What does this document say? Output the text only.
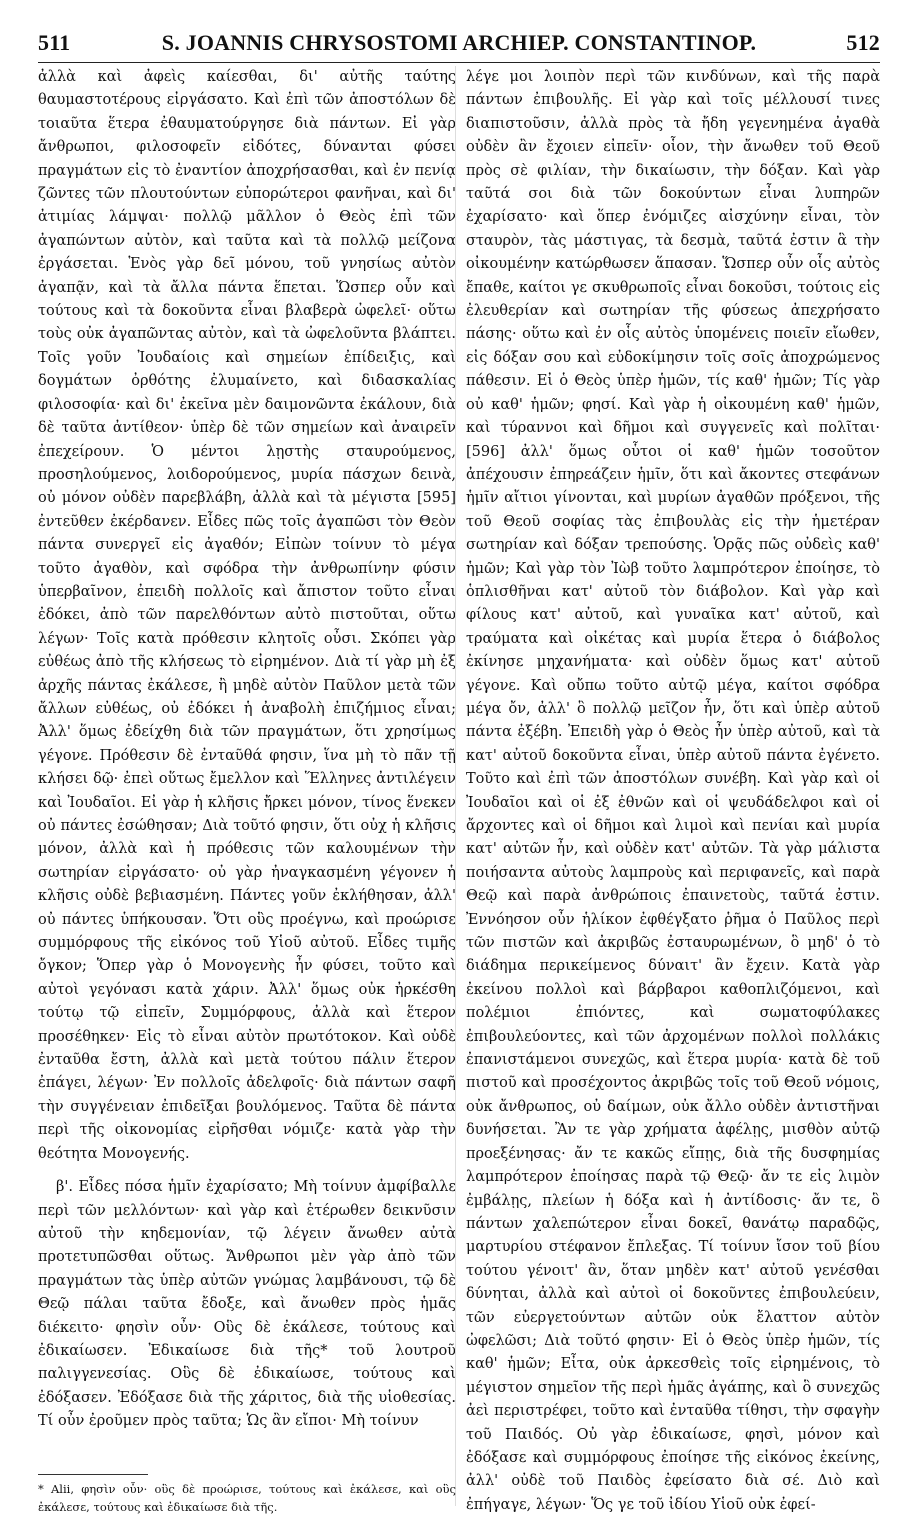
511	S. JOANNIS CHRYSOSTOMI ARCHIEP. CONSTANTINOP.	512

ἀλλὰ καὶ ἀφεὶς καίεσθαι, δι' αὐτῆς ταύτης θαυμαστοτέρους εἰργάσατο. Καὶ ἐπὶ τῶν ἀποστόλων δὲ τοιαῦτα ἕτερα ἐθαυματούργησε διὰ πάντων. Εἰ γὰρ ἄνθρωποι, φιλοσοφεῖν εἰδότες, δύνανται φύσει πραγμάτων εἰς τὸ ἐναντίον ἀποχρήσασθαι, καὶ ἐν πενίᾳ ζῶντες τῶν πλουτούντων εὐπορώτεροι φανῆναι, καὶ δι' ἀτιμίας λάμψαι· πολλῷ μᾶλλον ὁ Θεὸς ἐπὶ τῶν ἀγαπώντων αὐτὸν, καὶ ταῦτα καὶ τὰ πολλῷ μείζονα ἐργάσεται. Ἑνὸς γὰρ δεῖ μόνου, τοῦ γνησίως αὐτὸν ἀγαπᾷν, καὶ τὰ ἄλλα πάντα ἕπεται. Ὥσπερ οὖν καὶ τούτους καὶ τὰ δοκοῦντα εἶναι βλαβερὰ ὠφελεῖ· οὕτω τοὺς οὐκ ἀγαπῶντας αὐτὸν, καὶ τὰ ὠφελοῦντα βλάπτει. Τοῖς γοῦν Ἰουδαίοις καὶ σημείων ἐπίδειξις, καὶ δογμάτων ὀρθότης ἐλυμαίνετο, καὶ διδασκαλίας φιλοσοφία· καὶ δι' ἐκεῖνα μὲν δαιμονῶντα ἐκάλουν, διὰ δὲ ταῦτα ἀντίθεον· ὑπὲρ δὲ τῶν σημείων καὶ ἀναιρεῖν ἐπεχείρουν. Ὁ μέντοι λῃστὴς σταυρούμενος, προσηλούμενος, λοιδορούμενος, μυρία πάσχων δεινὰ, οὐ μόνον οὐδὲν παρεβλάβη, ἀλλὰ καὶ τὰ μέγιστα [595] ἐντεῦθεν ἐκέρδανεν. Εἶδες πῶς τοῖς ἀγαπῶσι τὸν Θεὸν πάντα συνεργεῖ εἰς ἀγαθόν; Εἰπὼν τοίνυν τὸ μέγα τοῦτο ἀγαθὸν, καὶ σφόδρα τὴν ἀνθρωπίνην φύσιν ὑπερβαῖνον, ἐπειδὴ πολλοῖς καὶ ἄπιστον τοῦτο εἶναι ἐδόκει, ἀπὸ τῶν παρελθόντων αὐτὸ πιστοῦται, οὕτω λέγων· Τοῖς κατὰ πρόθεσιν κλητοῖς οὖσι. Σκόπει γὰρ εὐθέως ἀπὸ τῆς κλήσεως τὸ εἰρημένον. Διὰ τί γὰρ μὴ ἐξ ἀρχῆς πάντας ἐκάλεσε, ἢ μηδὲ αὐτὸν Παῦλον μετὰ τῶν ἄλλων εὐθέως, οὐ ἐδόκει ἡ ἀναβολὴ ἐπιζήμιος εἶναι; Ἀλλ' ὅμως ἐδείχθη διὰ τῶν πραγμάτων, ὅτι χρησίμως γέγονε. Πρόθεσιν δὲ ἐνταῦθά φησιν, ἵνα μὴ τὸ πᾶν τῇ κλήσει δῷ· ἐπεὶ οὕτως ἔμελλον καὶ Ἕλληνες ἀντιλέγειν καὶ Ἰουδαῖοι. Εἰ γὰρ ἡ κλῆσις ἤρκει μόνον, τίνος ἕνεκεν οὐ πάντες ἐσώθησαν; Διὰ τοῦτό φησιν, ὅτι οὐχ ἡ κλῆσις μόνον, ἀλλὰ καὶ ἡ πρόθεσις τῶν καλουμένων τὴν σωτηρίαν εἰργάσατο· οὐ γὰρ ἠναγκασμένη γέγονεν ἡ κλῆσις οὐδὲ βεβιασμένη. Πάντες γοῦν ἐκλήθησαν, ἀλλ' οὐ πάντες ὑπήκουσαν. Ὅτι οὓς προέγνω, καὶ προώρισε συμμόρφους τῆς εἰκόνος τοῦ Υἱοῦ αὐτοῦ. Εἶδες τιμῆς ὄγκον; Ὅπερ γὰρ ὁ Μονογενὴς ἦν φύσει, τοῦτο καὶ αὐτοὶ γεγόνασι κατὰ χάριν. Ἀλλ' ὅμως οὐκ ἠρκέσθη τούτῳ τῷ εἰπεῖν, Συμμόρφους, ἀλλὰ καὶ ἕτερον προσέθηκεν· Εἰς τὸ εἶναι αὐτὸν πρωτότοκον. Καὶ οὐδὲ ἐνταῦθα ἔστη, ἀλλὰ καὶ μετὰ τούτου πάλιν ἕτερον ἐπάγει, λέγων· Ἐν πολλοῖς ἀδελφοῖς· διὰ πάντων σαφῆ τὴν συγγένειαν ἐπιδεῖξαι βουλόμενος. Ταῦτα δὲ πάντα περὶ τῆς οἰκονομίας εἰρῆσθαι νόμιζε· κατὰ γὰρ τὴν θεότητα Μονογενής.

β'. Εἶδες πόσα ἡμῖν ἐχαρίσατο; Μὴ τοίνυν ἀμφίβαλλε περὶ τῶν μελλόντων· καὶ γὰρ καὶ ἑτέρωθεν δεικνῦσιν αὐτοῦ τὴν κηδεμονίαν, τῷ λέγειν ἄνωθεν αὐτὰ προτετυπῶσθαι οὕτως. Ἄνθρωποι μὲν γὰρ ἀπὸ τῶν πραγμάτων τὰς ὑπὲρ αὐτῶν γνώμας λαμβάνουσι, τῷ δὲ Θεῷ πάλαι ταῦτα ἔδοξε, καὶ ἄνωθεν πρὸς ἡμᾶς διέκειτο· φησὶν οὖν· Οὓς δὲ ἐκάλεσε, τούτους καὶ ἐδικαίωσεν. Ἐδικαίωσε διὰ τῆς* τοῦ λουτροῦ παλιγγενεσίας. Οὓς δὲ ἐδικαίωσε, τούτους καὶ ἐδόξασεν. Ἐδόξασε διὰ τῆς χάριτος, διὰ τῆς υἱοθεσίας. Τί οὖν ἐροῦμεν πρὸς ταῦτα; Ὡς ἂν εἴποι· Μὴ τοίνυν

λέγε μοι λοιπὸν περὶ τῶν κινδύνων, καὶ τῆς παρὰ πάντων ἐπιβουλῆς. Εἰ γὰρ καὶ τοῖς μέλλουσί τινες διαπιστοῦσιν, ἀλλὰ πρὸς τὰ ἤδη γεγενημένα ἀγαθὰ οὐδὲν ἂν ἔχοιεν εἰπεῖν· οἷον, τὴν ἄνωθεν τοῦ Θεοῦ πρὸς σὲ φιλίαν, τὴν δικαίωσιν, τὴν δόξαν. Καὶ γὰρ ταῦτά σοι διὰ τῶν δοκούντων εἶναι λυπηρῶν ἐχαρίσατο· καὶ ὅπερ ἐνόμιζες αἰσχύνην εἶναι, τὸν σταυρὸν, τὰς μάστιγας, τὰ δεσμὰ, ταῦτά ἐστιν ἃ τὴν οἰκουμένην κατώρθωσεν ἅπασαν. Ὥσπερ οὖν οἷς αὐτὸς ἔπαθε, καίτοι γε σκυθρωποῖς εἶναι δοκοῦσι, τούτοις εἰς ἐλευθερίαν καὶ σωτηρίαν τῆς φύσεως ἀπεχρήσατο πάσης· οὕτω καὶ ἐν οἷς αὐτὸς ὑπομένεις ποιεῖν εἴωθεν, εἰς δόξαν σου καὶ εὐδοκίμησιν τοῖς σοῖς ἀποχρώμενος πάθεσιν. Εἰ ὁ Θεὸς ὑπὲρ ἡμῶν, τίς καθ' ἡμῶν; Τίς γὰρ οὐ καθ' ἡμῶν; φησί. Καὶ γὰρ ἡ οἰκουμένη καθ' ἡμῶν, καὶ τύραννοι καὶ δῆμοι καὶ συγγενεῖς καὶ πολῖται· [596] ἀλλ' ὅμως οὗτοι οἱ καθ' ἡμῶν τοσοῦτον ἀπέχουσιν ἐπηρεάζειν ἡμῖν, ὅτι καὶ ἄκοντες στεφάνων ἡμῖν αἴτιοι γίνονται, καὶ μυρίων ἀγαθῶν πρόξενοι, τῆς τοῦ Θεοῦ σοφίας τὰς ἐπιβουλὰς εἰς τὴν ἡμετέραν σωτηρίαν καὶ δόξαν τρεπούσης. Ὁρᾷς πῶς οὐδεὶς καθ' ἡμῶν; Καὶ γὰρ τὸν Ἰὼβ τοῦτο λαμπρότερον ἐποίησε, τὸ ὁπλισθῆναι κατ' αὐτοῦ τὸν διάβολον. Καὶ γὰρ καὶ φίλους κατ' αὐτοῦ, καὶ γυναῖκα κατ' αὐτοῦ, καὶ τραύματα καὶ οἰκέτας καὶ μυρία ἕτερα ὁ διάβολος ἐκίνησε μηχανήματα· καὶ οὐδὲν ὅμως κατ' αὐτοῦ γέγονε. Καὶ οὔπω τοῦτο αὐτῷ μέγα, καίτοι σφόδρα μέγα ὄν, ἀλλ' ὃ πολλῷ μεῖζον ἦν, ὅτι καὶ ὑπὲρ αὐτοῦ πάντα ἐξέβη. Ἐπειδὴ γὰρ ὁ Θεὸς ἦν ὑπὲρ αὐτοῦ, καὶ τὰ κατ' αὐτοῦ δοκοῦντα εἶναι, ὑπὲρ αὐτοῦ πάντα ἐγένετο. Τοῦτο καὶ ἐπὶ τῶν ἀποστόλων συνέβη. Καὶ γὰρ καὶ οἱ Ἰουδαῖοι καὶ οἱ ἐξ ἐθνῶν καὶ οἱ ψευδάδελφοι καὶ οἱ ἄρχοντες καὶ οἱ δῆμοι καὶ λιμοὶ καὶ πενίαι καὶ μυρία κατ' αὐτῶν ἦν, καὶ οὐδὲν κατ' αὐτῶν. Τὰ γὰρ μάλιστα ποιήσαντα αὐτοὺς λαμπροὺς καὶ περιφανεῖς, καὶ παρὰ Θεῷ καὶ παρὰ ἀνθρώποις ἐπαινετοὺς, ταῦτά ἐστιν. Ἐννόησον οὖν ἡλίκον ἐφθέγξατο ῥῆμα ὁ Παῦλος περὶ τῶν πιστῶν καὶ ἀκριβῶς ἐσταυρωμένων, ὃ μηδ' ὁ τὸ διάδημα περικείμενος δύναιτ' ἂν ἔχειν. Κατὰ γὰρ ἐκείνου πολλοὶ καὶ βάρβαροι καθοπλιζόμενοι, καὶ πολέμιοι ἐπιόντες, καὶ σωματοφύλακες ἐπιβουλεύοντες, καὶ τῶν ἀρχομένων πολλοὶ πολλάκις ἐπανιστάμενοι συνεχῶς, καὶ ἕτερα μυρία· κατὰ δὲ τοῦ πιστοῦ καὶ προσέχοντος ἀκριβῶς τοῖς τοῦ Θεοῦ νόμοις, οὐκ ἄνθρωπος, οὐ δαίμων, οὐκ ἄλλο οὐδὲν ἀντιστῆναι δυνήσεται. Ἂν τε γὰρ χρήματα ἀφέλῃς, μισθὸν αὐτῷ προεξένησας· ἄν τε κακῶς εἴπῃς, διὰ τῆς δυσφημίας λαμπρότερον ἐποίησας παρὰ τῷ Θεῷ· ἄν τε εἰς λιμὸν ἐμβάλῃς, πλείων ἡ δόξα καὶ ἡ ἀντίδοσις· ἄν τε, ὃ πάντων χαλεπώτερον εἶναι δοκεῖ, θανάτῳ παραδῷς, μαρτυρίου στέφανον ἔπλεξας. Τί τοίνυν ἴσον τοῦ βίου τούτου γένοιτ' ἂν, ὅταν μηδὲν κατ' αὐτοῦ γενέσθαι δύνηται, ἀλλὰ καὶ αὐτοὶ οἱ δοκοῦντες ἐπιβουλεύειν, τῶν εὐεργετούντων αὐτῶν οὐκ ἔλαττον αὐτὸν ὠφελῶσι; Διὰ τοῦτό φησιν· Εἰ ὁ Θεὸς ὑπὲρ ἡμῶν, τίς καθ' ἡμῶν; Εἶτα, οὐκ ἀρκεσθεὶς τοῖς εἰρημένοις, τὸ μέγιστον σημεῖον τῆς περὶ ἡμᾶς ἀγάπης, καὶ ὃ συνεχῶς ἀεὶ περιστρέφει, τοῦτο καὶ ἐνταῦθα τίθησι, τὴν σφαγὴν τοῦ Παιδός. Οὐ γὰρ ἐδικαίωσε, φησὶ, μόνον καὶ ἐδόξασε καὶ συμμόρφους ἐποίησε τῆς εἰκόνος ἐκείνης, ἀλλ' οὐδὲ τοῦ Παιδὸς ἐφείσατο διὰ σέ. Διὸ καὶ ἐπήγαγε, λέγων· Ὅς γε τοῦ ἰδίου Υἱοῦ οὐκ ἐφεί-

* Alii, φησὶν οὖν· οὓς δὲ προώρισε, τούτους καὶ ἐκάλεσε, καὶ οὓς ἐκάλεσε, τούτους καὶ ἐδικαίωσε διὰ τῆς.
